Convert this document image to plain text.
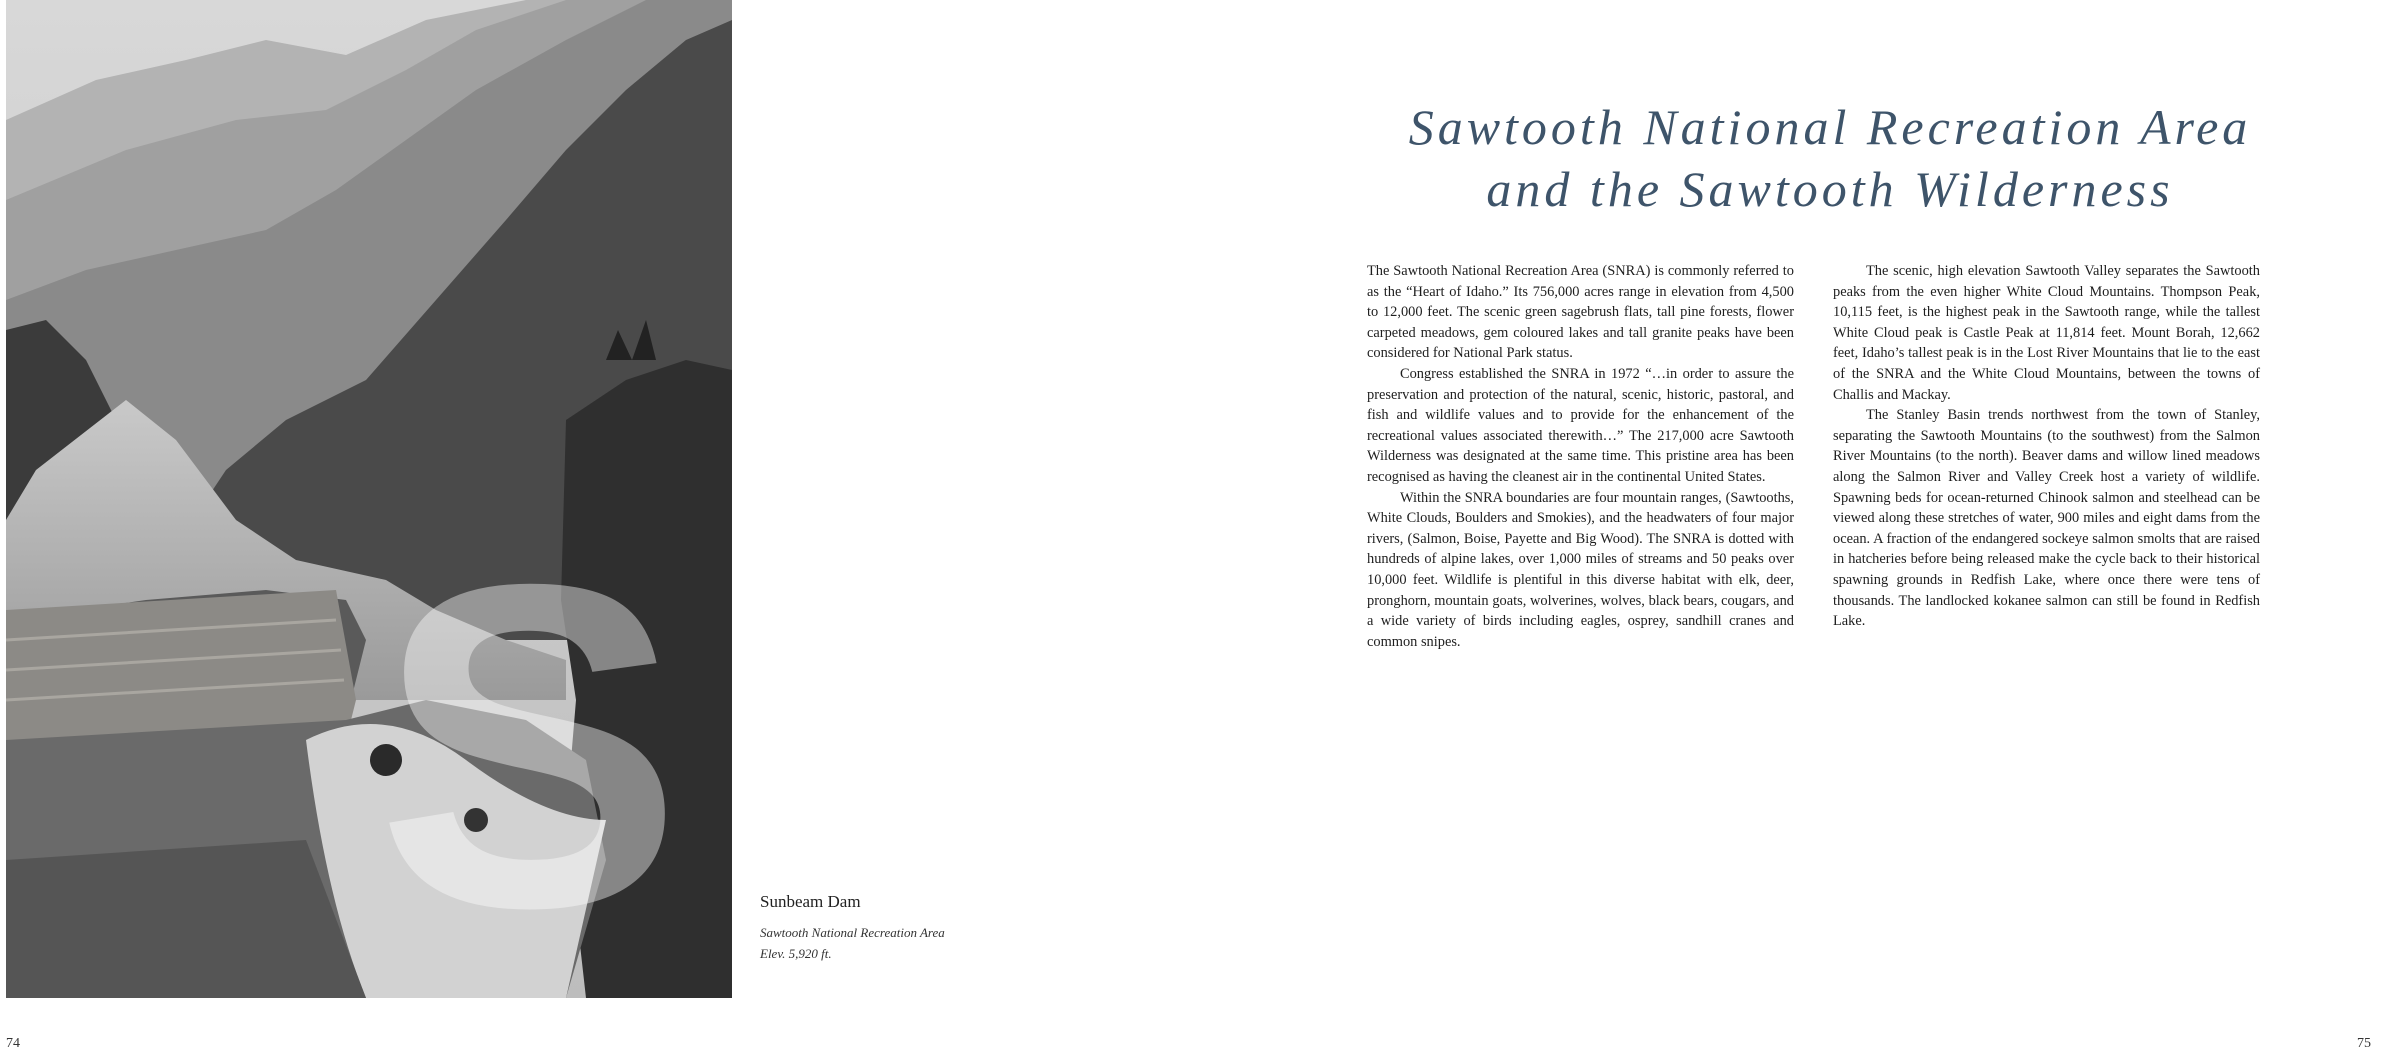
S	Sunbeam Dam
Sawtooth National Recreation Area
Elev. 5,920 ft.
74	75
Sawtooth National Recreation Area
and the Sawtooth Wilderness

The Sawtooth National Recreation Area (SNRA) is commonly referred to as the “Heart of Idaho.” Its 756,000 acres range in elevation from 4,500 to 12,000 feet. The scenic green sagebrush flats, tall pine forests, flower carpeted meadows, gem coloured lakes and tall granite peaks have been considered for National Park status.

Congress established the SNRA in 1972 “…in order to assure the preservation and protection of the natural, scenic, historic, pastoral, and fish and wildlife values and to provide for the enhancement of the recreational values associated therewith…” The 217,000 acre Sawtooth Wilderness was designated at the same time. This pristine area has been recognised as having the cleanest air in the continental United States.

Within the SNRA boundaries are four mountain ranges, (Sawtooths, White Clouds, Boulders and Smokies), and the headwaters of four major rivers, (Salmon, Boise, Payette and Big Wood). The SNRA is dotted with hundreds of alpine lakes, over 1,000 miles of streams and 50 peaks over 10,000 feet. Wildlife is plentiful in this diverse habitat with elk, deer, pronghorn, mountain goats, wolverines, wolves, black bears, cougars, and a wide variety of birds including eagles, osprey, sandhill cranes and common snipes.

The scenic, high elevation Sawtooth Valley separates the Sawtooth peaks from the even higher White Cloud Mountains. Thompson Peak, 10,115 feet, is the highest peak in the Sawtooth range, while the tallest White Cloud peak is Castle Peak at 11,814 feet. Mount Borah, 12,662 feet, Idaho’s tallest peak is in the Lost River Mountains that lie to the east of the SNRA and the White Cloud Mountains, between the towns of Challis and Mackay.

The Stanley Basin trends northwest from the town of Stanley, separating the Sawtooth Mountains (to the southwest) from the Salmon River Mountains (to the north). Beaver dams and willow lined meadows along the Salmon River and Valley Creek host a variety of wildlife. Spawning beds for ocean-returned Chinook salmon and steelhead can be viewed along these stretches of water, 900 miles and eight dams from the ocean. A fraction of the endangered sockeye salmon smolts that are raised in hatcheries before being released make the cycle back to their historical spawning grounds in Redfish Lake, where once there were tens of thousands. The landlocked kokanee salmon can still be found in Redfish Lake.
